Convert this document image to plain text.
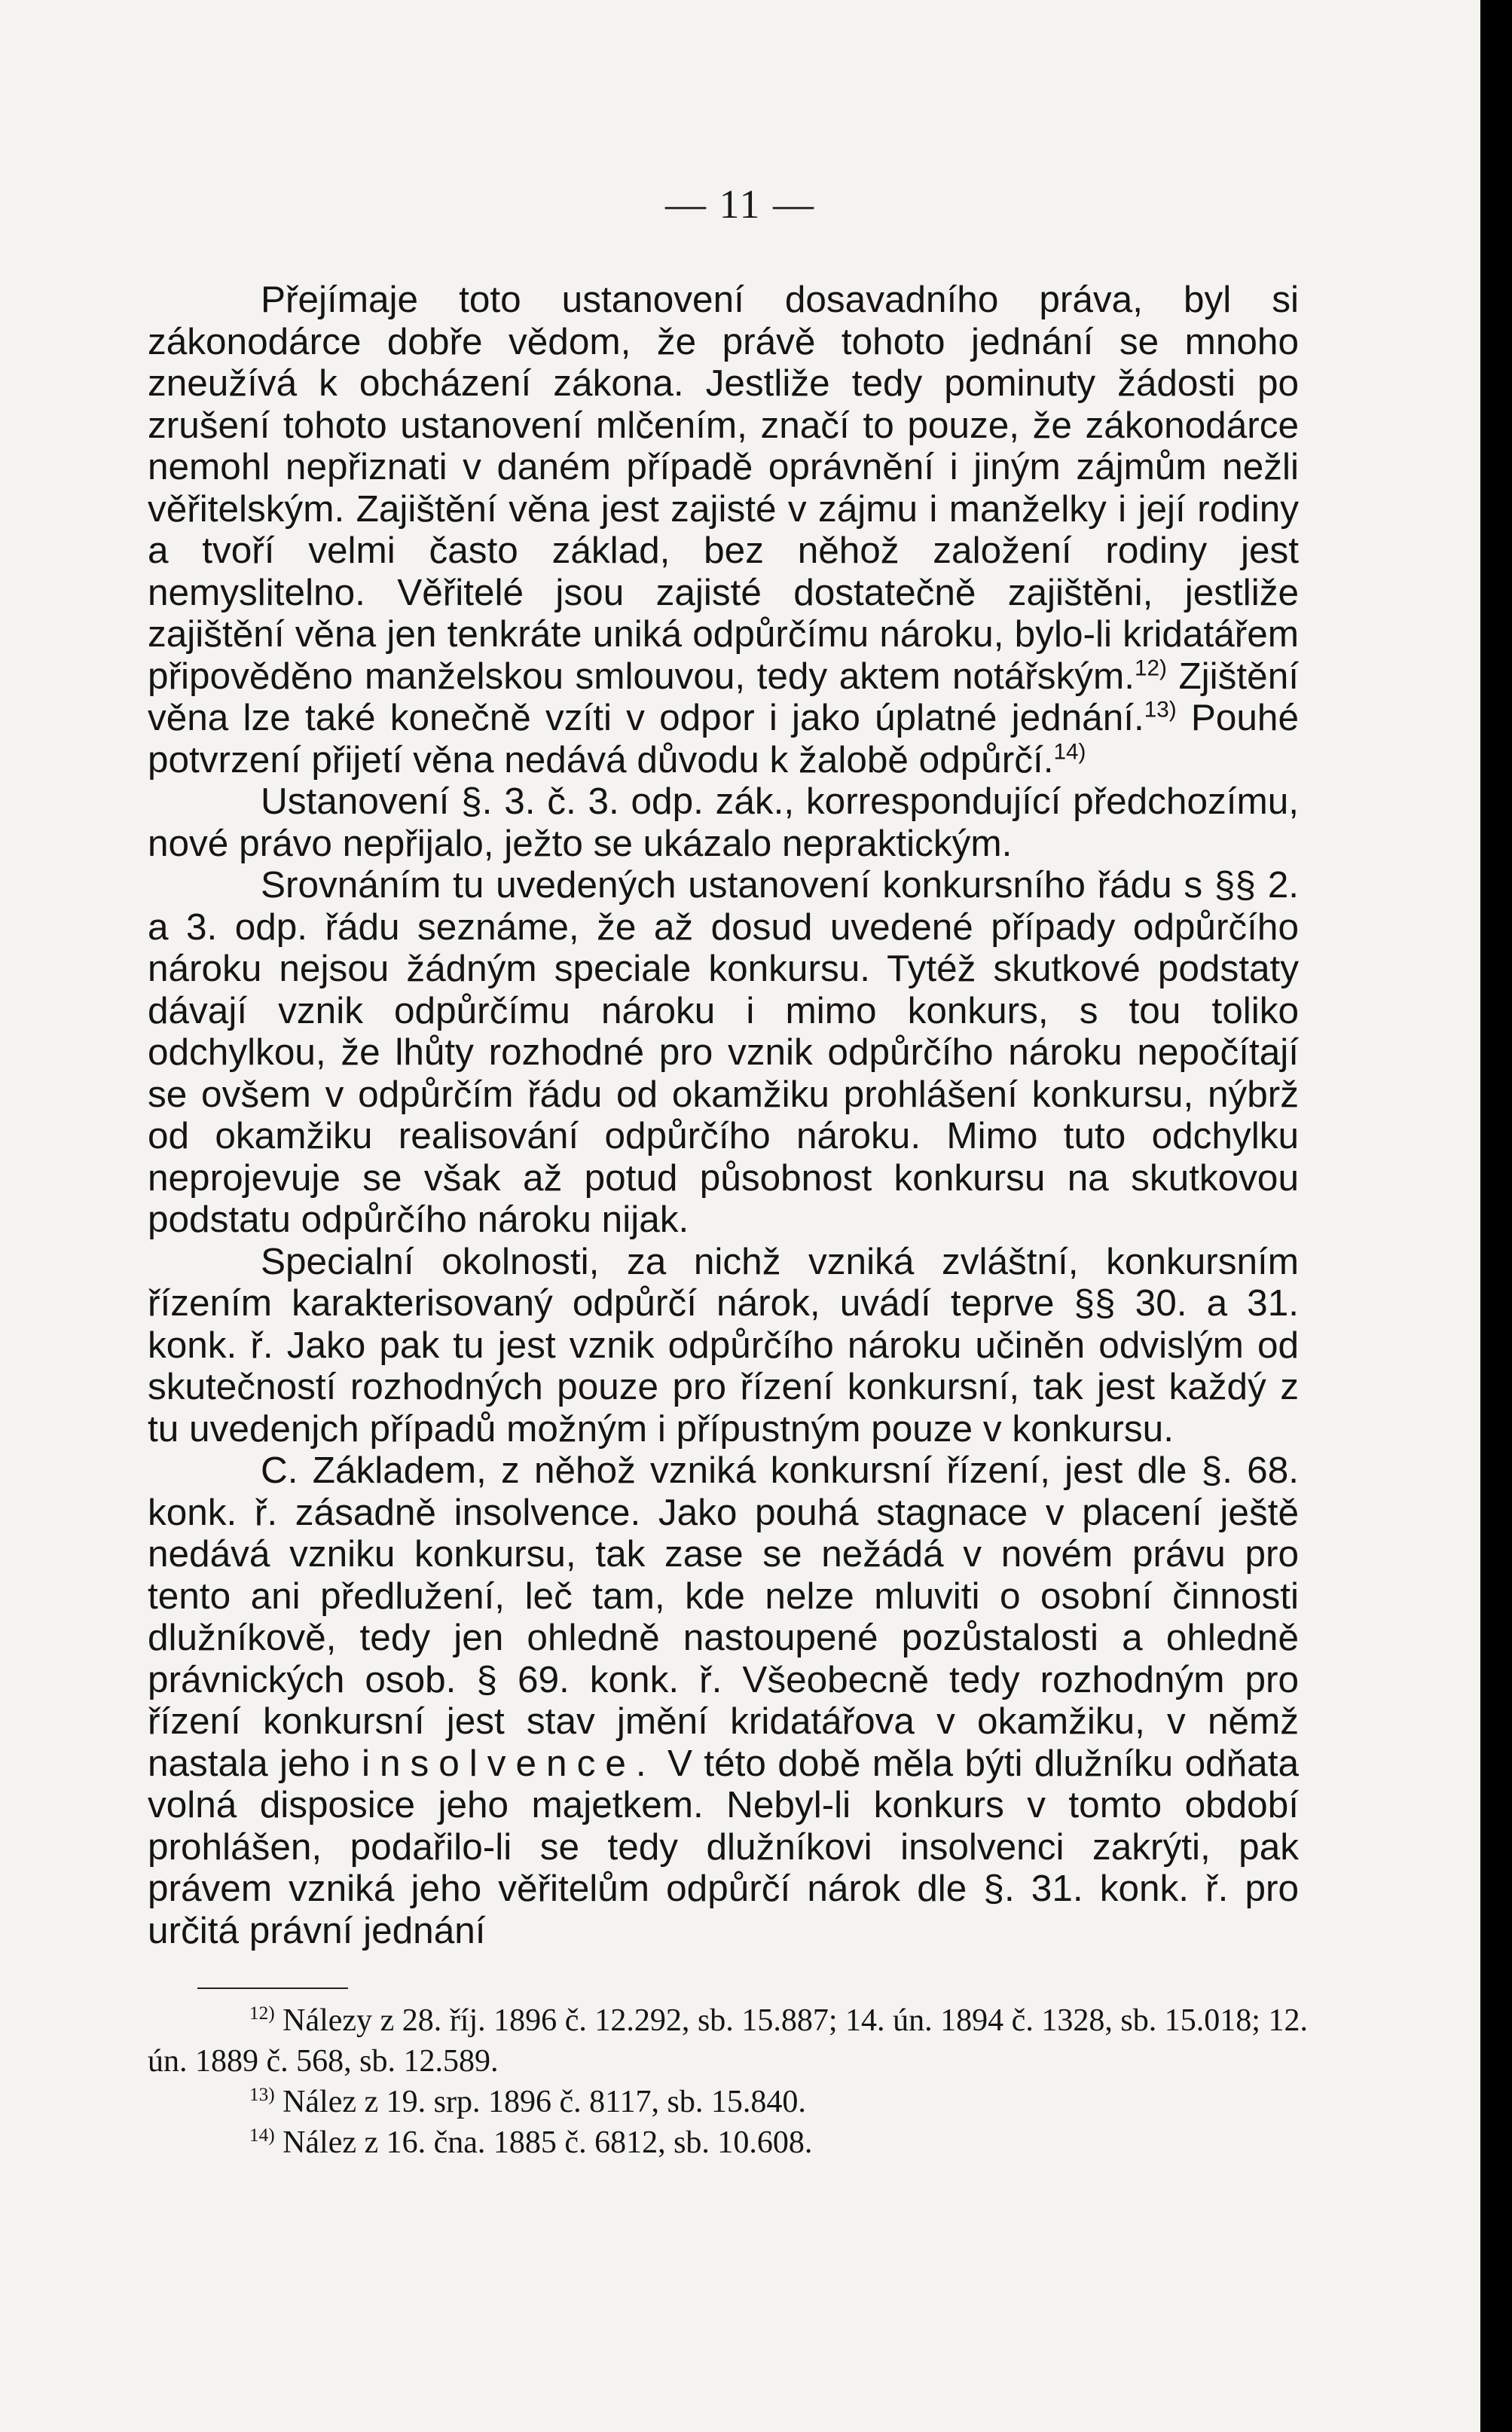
— 11 —

Přejímaje toto ustanovení dosavadního práva, byl si zákonodárce dobře vědom, že právě tohoto jednání se mnoho zneužívá k obcházení zákona. Jestliže tedy pominuty žádosti po zrušení tohoto ustanovení mlčením, značí to pouze, že zákonodárce nemohl nepřiznati v daném případě oprávnění i jiným zájmům nežli věřitelským. Zajištění věna jest zajisté v zájmu i manželky i její rodiny a tvoří velmi často základ, bez něhož založení rodiny jest nemyslitelno. Věřitelé jsou zajisté dostatečně zajištěni, jestliže zajištění věna jen tenkráte uniká odpůrčímu nároku, bylo-li kridatářem připověděno manželskou smlouvou, tedy aktem notářským.$^{12)}$ Zjištění věna lze také konečně vzíti v odpor i jako úplatné jednání.$^{13)}$ Pouhé potvrzení přijetí věna nedává důvodu k žalobě odpůrčí.$^{14)}$

Ustanovení §. 3. č. 3. odp. zák., korrespondující předchozímu, nové právo nepřijalo, ježto se ukázalo nepraktickým.

Srovnáním tu uvedených ustanovení konkursního řádu s §§ 2. a 3. odp. řádu seznáme, že až dosud uvedené případy odpůrčího nároku nejsou žádným speciale konkursu. Tytéž skutkové podstaty dávají vznik odpůrčímu nároku i mimo konkurs, s tou toliko odchylkou, že lhůty rozhodné pro vznik odpůrčího nároku nepočítají se ovšem v odpůrčím řádu od okamžiku prohlášení konkursu, nýbrž od okamžiku realisování odpůrčího nároku. Mimo tuto odchylku neprojevuje se však až potud působnost konkursu na skutkovou podstatu odpůrčího nároku nijak.

Specialní okolnosti, za nichž vzniká zvláštní, konkursním řízením karakterisovaný odpůrčí nárok, uvádí teprve §§ 30. a 31. konk. ř. Jako pak tu jest vznik odpůrčího nároku učiněn odvislým od skutečností rozhodných pouze pro řízení konkursní, tak jest každý z tu uvedenjch případů možným i přípustným pouze v konkursu.

C. Základem, z něhož vzniká konkursní řízení, jest dle §. 68. konk. ř. zásadně insolvence. Jako pouhá stagnace v placení ještě nedává vzniku konkursu, tak zase se nežádá v novém právu pro tento ani předlužení, leč tam, kde nelze mluviti o osobní činnosti dlužníkově, tedy jen ohledně nastoupené pozůstalosti a ohledně právnických osob. § 69. konk. ř. Všeobecně tedy rozhodným pro řízení konkursní jest stav jmění kridatářova v okamžiku, v němž nastala jeho insolvence. V této době měla býti dlužníku odňata volná disposice jeho majetkem. Nebyl-li konkurs v tomto období prohlášen, podařilo-li se tedy dlužníkovi insolvenci zakrýti, pak právem vzniká jeho věřitelům odpůrčí nárok dle §. 31. konk. ř. pro určitá právní jednání

$^{12)}$ Nálezy z 28. říj. 1896 č. 12.292, sb. 15.887; 14. ún. 1894 č. 1328, sb. 15.018; 12. ún. 1889 č. 568, sb. 12.589.

$^{13)}$ Nález z 19. srp. 1896 č. 8117, sb. 15.840.

$^{14)}$ Nález z 16. čna. 1885 č. 6812, sb. 10.608.
